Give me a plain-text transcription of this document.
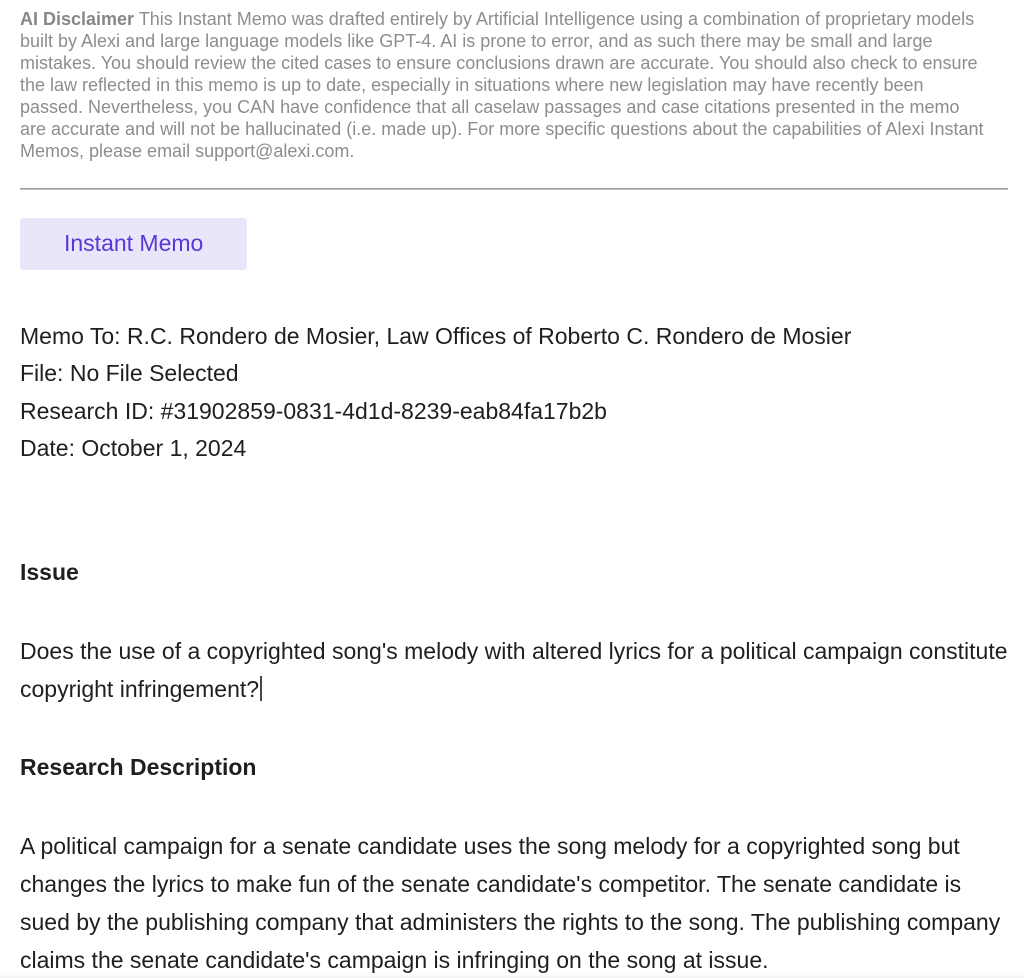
AI Disclaimer This Instant Memo was drafted entirely by Artificial Intelligence using a combination of proprietary models built by Alexi and large language models like GPT-4. AI is prone to error, and as such there may be small and large mistakes. You should review the cited cases to ensure conclusions drawn are accurate. You should also check to ensure the law reflected in this memo is up to date, especially in situations where new legislation may have recently been passed. Nevertheless, you CAN have confidence that all caselaw passages and case citations presented in the memo are accurate and will not be hallucinated (i.e. made up). For more specific questions about the capabilities of Alexi Instant Memos, please email support@alexi.com.

Instant Memo
Memo To: R.C. Rondero de Mosier, Law Offices of Roberto C. Rondero de Mosier
File: No File Selected
Research ID: #31902859-0831-4d1d-8239-eab84fa17b2b
Date: October 1, 2024
Issue

Does the use of a copyrighted song's melody with altered lyrics for a political campaign constitute copyright infringement?

Research Description

A political campaign for a senate candidate uses the song melody for a copyrighted song but changes the lyrics to make fun of the senate candidate's competitor. The senate candidate is sued by the publishing company that administers the rights to the song. The publishing company claims the senate candidate's campaign is infringing on the song at issue.
